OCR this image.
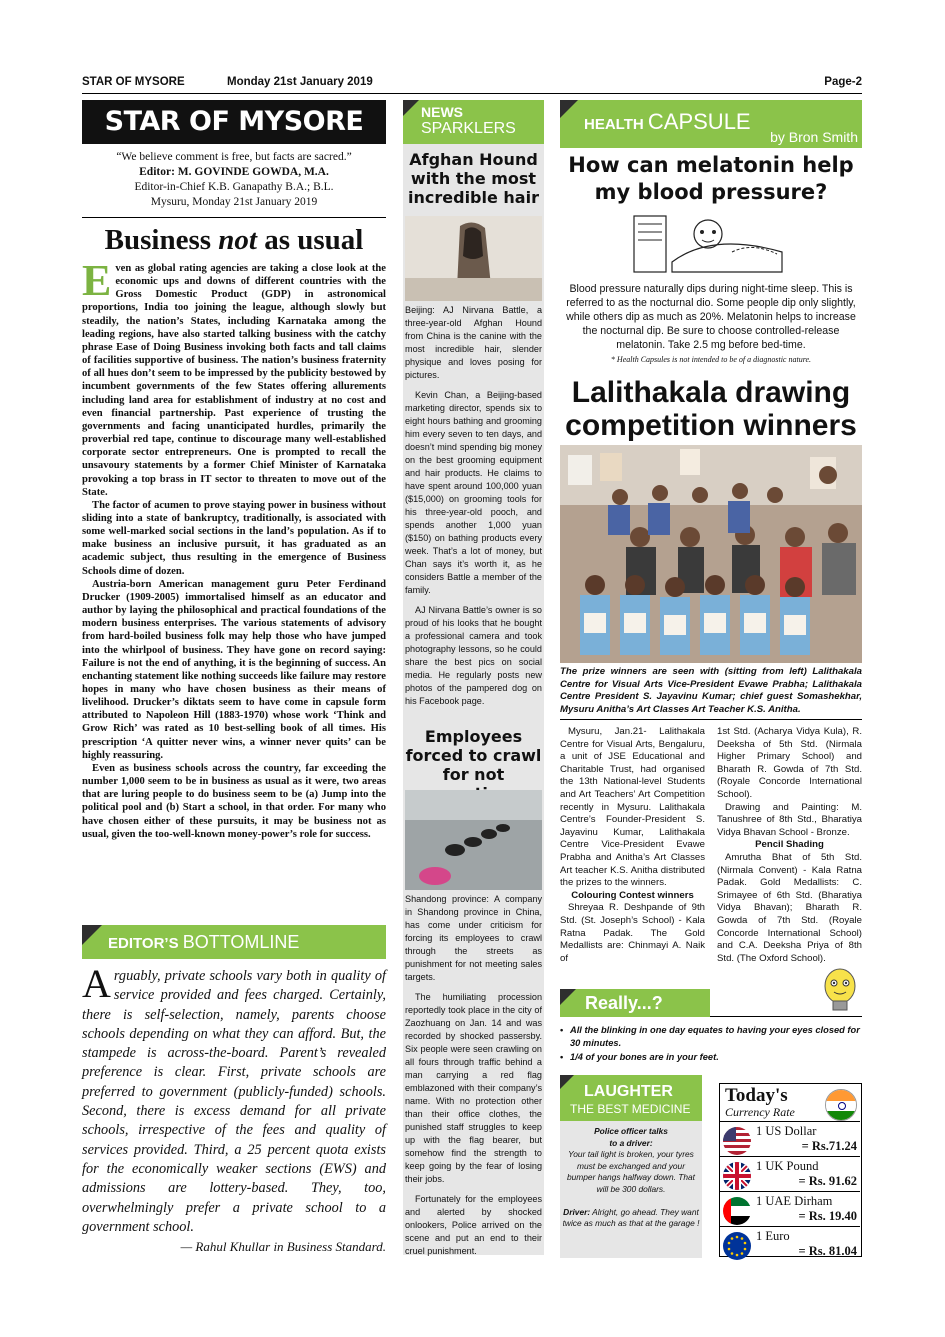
STAR OF MYSORE	Monday 21st January 2019	Page-2
STAR OF MYSORE
“We believe comment is free, but facts are sacred.”
Editor: M. GOVINDE GOWDA, M.A.
Editor-in-Chief K.B. Ganapathy B.A.; B.L.
Mysuru, Monday 21st January 2019
Business not as usual

Even as global rating agencies are taking a close look at the economic ups and downs of different countries with the Gross Domestic Product (GDP) in astronomical proportions, India too joining the league, although slowly but steadily, the nation’s States, including Karnataka among the leading regions, have also started talking business with the catchy phrase Ease of Doing Business invoking both facts and tall claims of facilities supportive of business. The nation’s business fraternity of all hues don’t seem to be impressed by the publicity bestowed by incumbent governments of the few States offering allurements including land area for establishment of industry at no cost and even financial partnership. Past experience of trusting the governments and facing unanticipated hurdles, primarily the proverbial red tape, continue to discourage many well-established corporate sector entrepreneurs. One is prompted to recall the unsavoury statements by a former Chief Minister of Karnataka provoking a top brass in IT sector to threaten to move out of the State.

The factor of acumen to prove staying power in business without sliding into a state of bankruptcy, traditionally, is associated with some well-marked social sections in the land’s population. As if to make business an inclusive pursuit, it has graduated as an academic subject, thus resulting in the emergence of Business Schools dime of dozen.

Austria-born American management guru Peter Ferdinand Drucker (1909-2005) immortalised himself as an educator and author by laying the philosophical and practical foundations of the modern business enterprises. The various statements of advisory from hard-boiled business folk may help those who have jumped into the whirlpool of business. They have gone on record saying: Failure is not the end of anything, it is the beginning of success. An enchanting statement like nothing succeeds like failure may restore hopes in many who have chosen business as their means of livelihood. Drucker’s diktats seem to have come in capsule form attributed to Napoleon Hill (1883-1970) whose work ‘Think and Grow Rich’ was rated as 10 best-selling book of all times. His prescription ‘A quitter never wins, a winner never quits’ can be highly reassuring.

Even as business schools across the country, far exceeding the number 1,000 seem to be in business as usual as it were, two areas that are luring people to do business seem to be (a) Jump into the political pool and (b) Start a school, in that order. For many who have chosen either of these pursuits, it may be business not as usual, given the too-well-known money-power’s role for success.

EDITOR’S BOTTOMLINE
Arguably, private schools vary both in quality of service provided and fees charged. Certainly, there is self-selection, namely, parents choose schools depending on what they can afford. But, the stampede is across-the-board. Parent’s revealed preference is clear. First, private schools are preferred to government (publicly-funded) schools. Second, there is excess demand for all private schools, irrespective of the fees and quality of services provided. Third, a 25 percent quota exists for the economically weaker sections (EWS) and admissions are lottery-based. They, too, overwhelmingly prefer a private school to a government school.
— Rahul Khullar in Business Standard.
NEWS
SPARKLERS
Afghan Hound with the most incredible hair

Beijing: AJ Nirvana Battle, a three-year-old Afghan Hound from China is the canine with the most incredible hair, slender physique and loves posing for pictures.

Kevin Chan, a Beijing-based marketing director, spends six to eight hours bathing and grooming him every seven to ten days, and doesn’t mind spending big money on the best grooming equipment and hair products. He claims to have spent around 100,000 yuan ($15,000) on grooming tools for his three-year-old pooch, and spends another 1,000 yuan ($150) on bathing products every week. That’s a lot of money, but Chan says it’s worth it, as he considers Battle a member of the family.

AJ Nirvana Battle’s owner is so proud of his looks that he bought a professional camera and took photography lessons, so he could share the best pics on social media. He regularly posts new photos of the pampered dog on his Facebook page.

Employees forced to crawl for not

Shandong province: A company in Shandong province in China, has come under criticism for forcing its employees to crawl through the streets as punishment for not meeting sales targets.

The humiliating procession reportedly took place in the city of Zaozhuang on Jan. 14 and was recorded by shocked passersby. Six people were seen crawling on all fours through traffic behind a man carrying a red flag emblazoned with their company’s name. With no protection other than their office clothes, the punished staff struggles to keep up with the flag bearer, but somehow find the strength to keep going by the fear of losing their jobs.

Fortunately for the employees and alerted by shocked onlookers, Police arrived on the scene and put an end to their cruel punishment.

HEALTH CAPSULE
by Bron Smith
How can melatonin help my blood pressure?
Blood pressure naturally dips during night-time sleep. This is referred to as the nocturnal dio. Some people dip only slightly, while others dip as much as 20%. Melatonin helps to increase the nocturnal dip. Be sure to choose controlled-release melatonin. Take 2.5 mg before bed-time.
* Health Capsules is not intended to be of a diagnostic nature.
Lalithakala drawing competition winners
The prize winners are seen with (sitting from left) Lalithakala Centre for Visual Arts Vice-President Evawe Prabha; Lalithakala Centre President S. Jayavinu Kumar; chief guest Somashekhar, Mysuru Anitha’s Art Classes Art Teacher K.S. Anitha.

Mysuru, Jan.21- Lalithakala Centre for Visual Arts, Bengaluru, a unit of JSE Educational and Charitable Trust, had organised the 13th National-level Students and Art Teachers’ Art Competition recently in Mysuru. Lalithakala Centre’s Founder-President S. Jayavinu Kumar, Lalithakala Centre Vice-President Evawe Prabha and Anitha’s Art Classes Art teacher K.S. Anitha distributed the prizes to the winners.

Colouring Contest winners

Shreyaa R. Deshpande of 9th Std. (St. Joseph’s School) - Kala Ratna Padak. The Gold Medallists are: Chinmayi A. Naik of

1st Std. (Acharya Vidya Kula), R. Deeksha of 5th Std. (Nirmala Higher Primary School) and Bharath R. Gowda of 7th Std. (Royale Concorde International School).

Drawing and Painting: M. Tanushree of 8th Std., Bharatiya Vidya Bhavan School - Bronze.

Pencil Shading

Amrutha Bhat of 5th Std. (Nirmala Convent) - Kala Ratna Padak. Gold Medallists: C. Srimayee of 6th Std. (Bharatiya Vidya Bhavan); Bharath R. Gowda of 7th Std. (Royale Concorde International School) and C.A. Deeksha Priya of 8th Std. (The Oxford School).

Really...?
• All the blinking in one day equates to having your eyes closed for 30 minutes.
• 1/4 of your bones are in your feet.
LAUGHTER
THE BEST MEDICINE
Police officer talks
to a driver:
Your tail light is broken, your tyres must be exchanged and your bumper hangs halfway down. That will be 300 dollars.
Driver: Alright, go ahead. They want twice as much as that at the garage !
Today's
Currency Rate
1 US Dollar
= Rs.71.24
1 UK Pound
= Rs. 91.62
1 UAE Dirham
= Rs. 19.40
1 Euro
= Rs. 81.04
